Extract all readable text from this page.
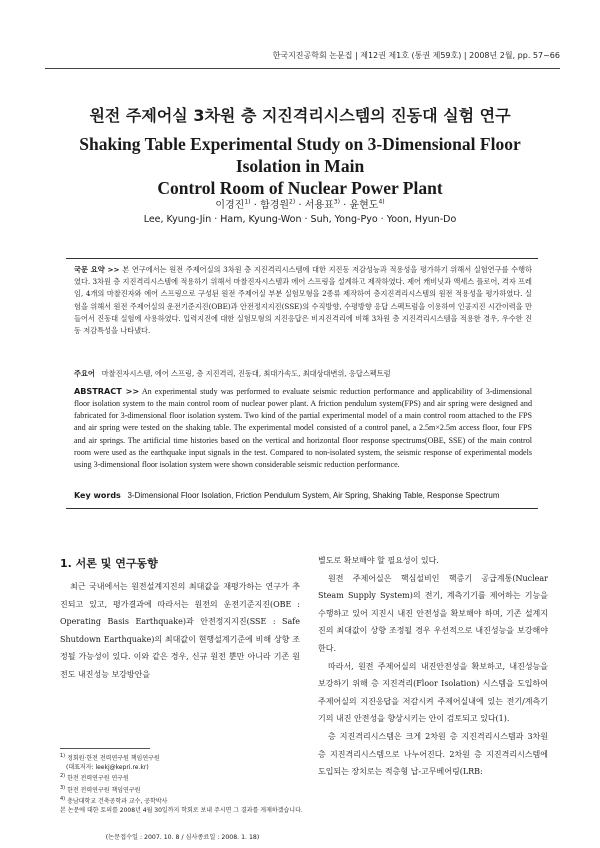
한국지진공학회 논문집 | 제12권 제1호 (통권 제59호) | 2008년 2월, pp. 57~66
원전 주제어실 3차원 층 지진격리시스템의 진동대 실험 연구
Shaking Table Experimental Study on 3-Dimensional Floor Isolation in Main
Control Room of Nuclear Power Plant
이경진$^{1)}$ · 함경원$^{2)}$ · 서용표$^{3)}$ · 윤현도$^{4)}$
Lee, Kyung-Jin · Ham, Kyung-Won · Suh, Yong-Pyo · Yoon, Hyun-Do
국문 요약 >> 본 연구에서는 원전 주제어실의 3차원 층 지진격리시스템에 대한 지진동 저감성능과 적용성을 평가하기 위해서 실험연구를 수행하였다. 3차원 층 지진격리시스템에 적용하기 위해서 마찰진자시스템과 에어 스프링을 설계하고 제작하였다. 제어 캐비닛과 액세스 플로어, 격자 프레임, 4개의 마찰진자와 에어 스프링으로 구성된 원전 주제어실 부분 실험모형을 2종류 제작하여 층지진격리시스템의 원전 적용성을 평가하였다. 실험을 위해서 원전 주제어실의 운전기준지진(OBE)과 안전정지지진(SSE)의 수직방향, 수평방향 응답 스펙트럼을 이용하여 인공지진 시간이력을 만들어서 진동대 실험에 사용하였다. 입력지진에 대한 실험모형의 지진응답은 비지진격리에 비해 3차원 층 지진격리시스템을 적용한 경우, 우수한 진동 저감특성을 나타냈다.
주요어 마찰진자시스템, 에어 스프링, 층 지진격리, 진동대, 최대가속도, 최대상대변위, 응답스펙트럼
ABSTRACT >> An experimental study was performed to evaluate seismic reduction performance and applicability of 3-dimensional floor isolation system to the main control room of nuclear power plant. A friction pendulum system(FPS) and air spring were designed and fabricated for 3-dimensional floor isolation system. Two kind of the partial experimental model of a main control room attached to the FPS and air spring were tested on the shaking table. The experimental model consisted of a control panel, a 2.5m×2.5m access floor, four FPS and air springs. The artificial time histories based on the vertical and horizontal floor response spectrums(OBE, SSE) of the main control room were used as the earthquake input signals in the test. Compared to non-isolated system, the seismic response of experimental models using 3-dimensional floor isolation system were shown considerable seismic reduction performance.
Key words 3-Dimensional Floor Isolation, Friction Pendulum System, Air Spring, Shaking Table, Response Spectrum
1. 서론 및 연구동향
최근 국내에서는 원전설계지진의 최대값을 재평가하는 연구가 추진되고 있고, 평가결과에 따라서는 원전의 운전기준지진(OBE : Operating Basis Earthquake)과 안전정지지진(SSE : Safe Shutdown Earthquake)의 최대값이 현행설계기준에 비해 상향 조정될 가능성이 있다. 이와 같은 경우, 신규 원전 뿐만 아니라 기존 원전도 내진성능 보강방안을
별도로 확보해야 할 필요성이 있다.
원전 주제어실은 핵심설비인 핵증기 공급계통(Nuclear Steam Supply System)의 전기, 계측기기를 제어하는 기능을 수행하고 있어 지진시 내진 안전성을 확보해야 하며, 기존 설계지진의 최대값이 상향 조정될 경우 우선적으로 내진성능을 보강해야 한다.
따라서, 원전 주제어실의 내진안전성을 확보하고, 내진성능을 보강하기 위해 층 지진격리(Floor Isolation) 시스템을 도입하여 주제어실의 지진응답을 저감시켜 주제어실내에 있는 전기/계측기기의 내진 안전성을 향상시키는 안이 검토되고 있다(1).
층 지진격리시스템은 크게 2차원 층 지진격리시스템과 3차원 층 지진격리시스템으로 나누어진다. 2차원 층 지진격리시스템에 도입되는 장치로는 적층형 납-고무베어링(LRB:
$^{1)}$ 정회원·한전 전력연구원 책임연구원
(대표저자: leekj@kepri.re.kr)
$^{2)}$ 한전 전력연구원 연구원
$^{3)}$ 한전 전력연구원 책임연구원
$^{4)}$ 충남대학교 건축공학과 교수, 공학박사
본 논문에 대한 토의를 2008년 4월 30일까지 학회로 보내 주시면 그 결과를 게재하겠습니다.
(논문접수일 : 2007. 10. 8 / 심사종료일 : 2008. 1. 18)
